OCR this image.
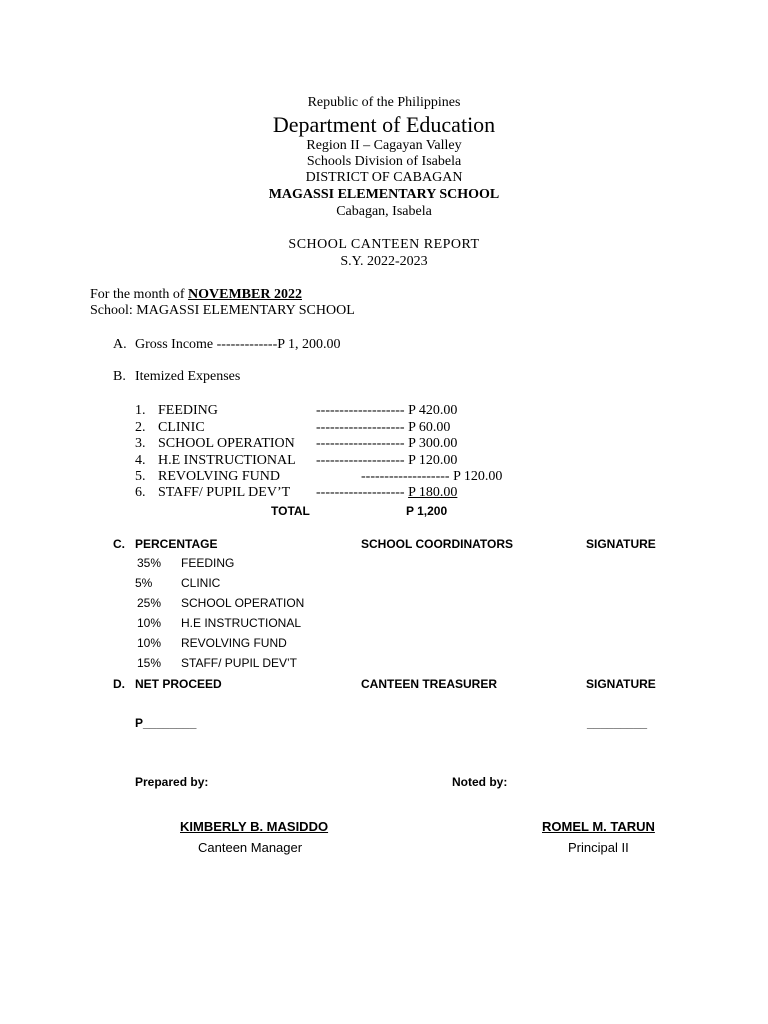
Republic of the Philippines
Department of Education
Region II – Cagayan Valley
Schools Division of Isabela
DISTRICT OF CABAGAN
MAGASSI ELEMENTARY SCHOOL
Cabagan, Isabela
SCHOOL CANTEEN REPORT
S.Y. 2022-2023
For the month of NOVEMBER 2022
School: MAGASSI ELEMENTARY SCHOOL
A. Gross Income -------------P 1, 200.00
B. Itemized Expenses
1. FEEDING	------------------- P 420.00
2. CLINIC	------------------- P 60.00
3. SCHOOL OPERATION ------------------- P 300.00
4. H.E INSTRUCTIONAL ------------------- P 120.00
5. REVOLVING FUND	------------------- P 120.00
6. STAFF/ PUPIL DEV’T ------------------- P 180.00
TOTAL	P 1,200
C. PERCENTAGE	SCHOOL COORDINATORS	SIGNATURE
35% FEEDING
5% CLINIC
25% SCHOOL OPERATION
10% H.E INSTRUCTIONAL
10% REVOLVING FUND
15% STAFF/ PUPIL DEV’T
D. NET PROCEED	CANTEEN TREASURER	SIGNATURE
P________	_________
Prepared by:	Noted by:
KIMBERLY B. MASIDDO
Canteen Manager
ROMEL M. TARUN
Principal II
